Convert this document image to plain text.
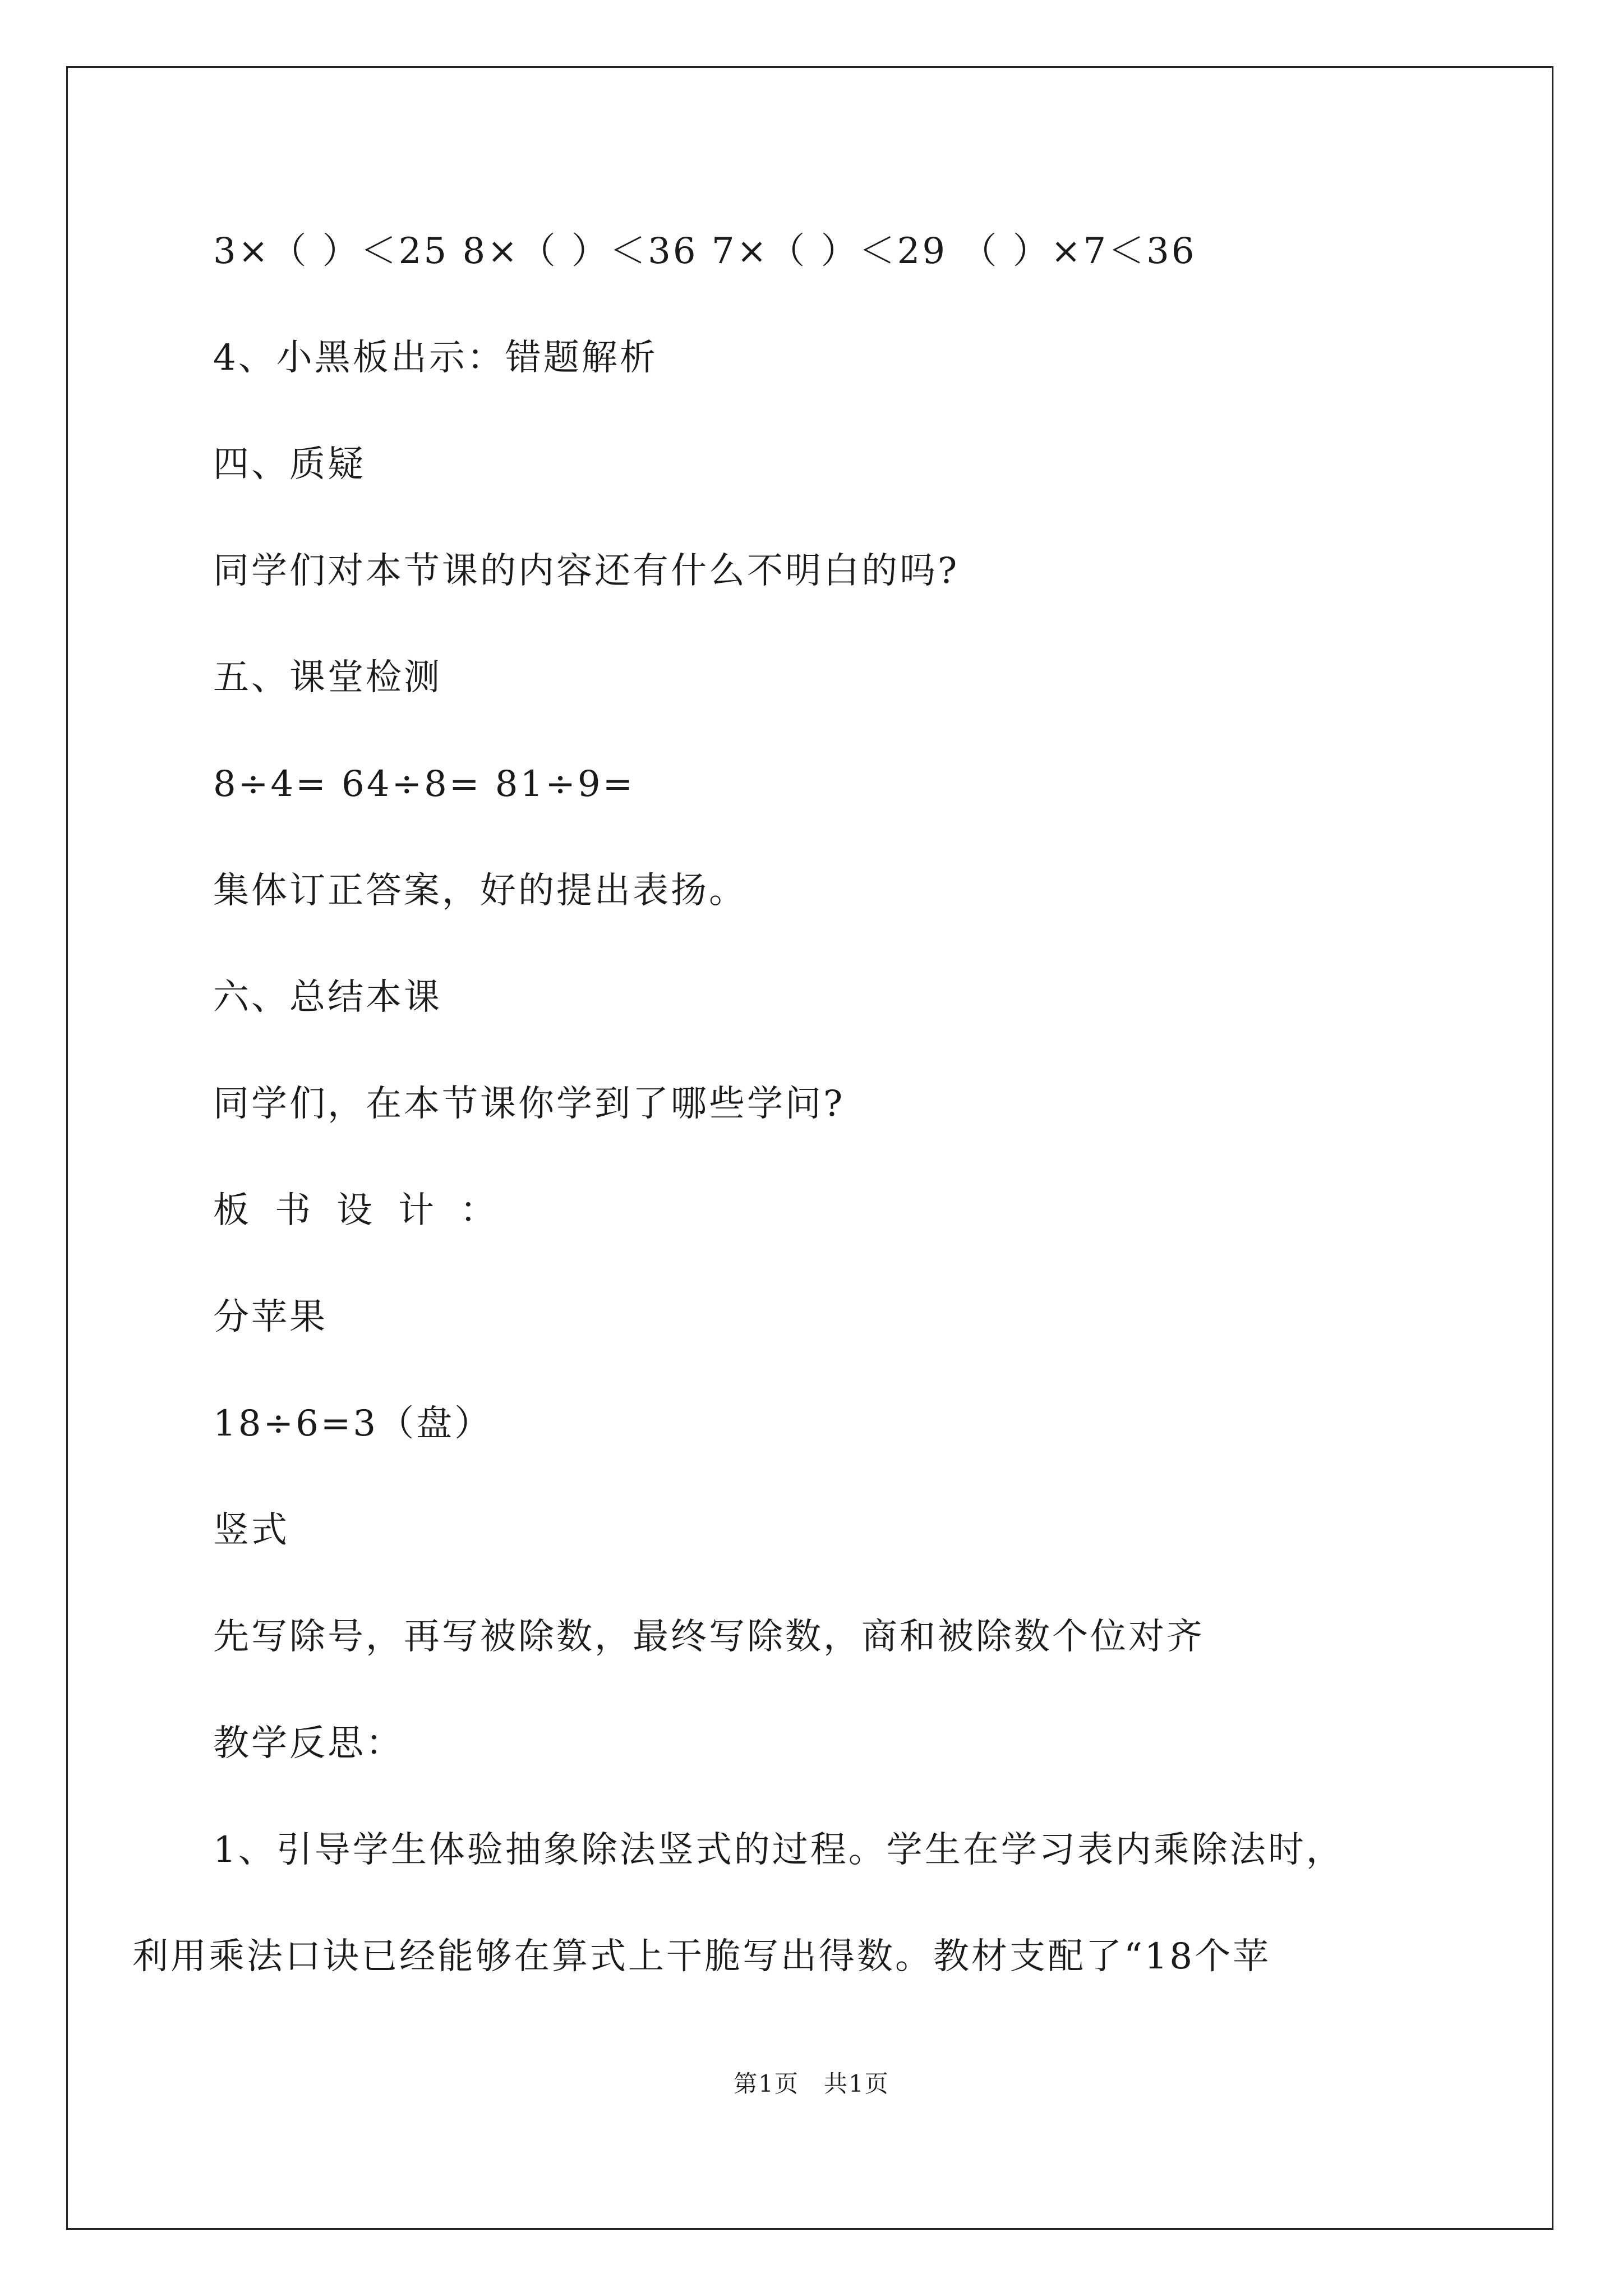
3×（ ）＜25 8×（ ）＜36 7×（ ）＜29 （ ）×7＜36
4、小黑板出示：错题解析
四、质疑
同学们对本节课的内容还有什么不明白的吗?
五、课堂检测
8÷4= 64÷8= 81÷9=
集体订正答案，好的提出表扬。
六、总结本课
同学们，在本节课你学到了哪些学问?
板书设计：
分苹果
18÷6=3（盘）
竖式
先写除号，再写被除数，最终写除数，商和被除数个位对齐
教学反思：
1、引导学生体验抽象除法竖式的过程。学生在学习表内乘除法时，
利用乘法口诀已经能够在算式上干脆写出得数。教材支配了“18个苹
第1页　共1页
